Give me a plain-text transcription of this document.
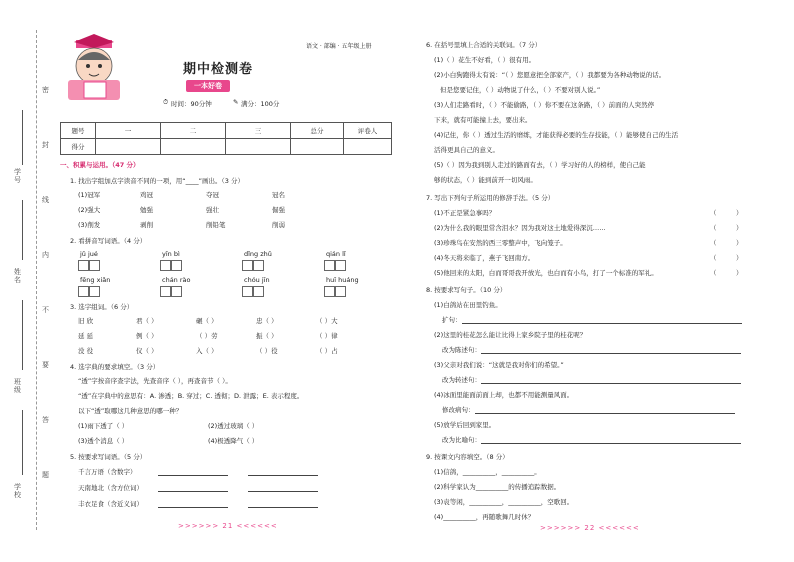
密
封
线
内
不
要
答
题
学号
姓名
班级
学校
语文 · 部编 · 五年级上册
期中检测卷
一本好卷
⏱ 时间：90分钟	✎ 满分：100分
题号	一	二	三	总分	评卷人
得分					
一、积累与运用。（47 分）
1. 找出字组加点字读音不同的一项，用“____”画出。（3 分）
(1)冠军	鸡冠	夺冠	冠名
(2)强大	勉强	强壮	倔强
(3)削发	剥削	削铅笔	削弱
2. 看拼音写词语。（4 分）
jǔ jué	yīn bì	dǐng zhǔ	qián lǐ
fēng xiǎn	chán rào	chóu jīn	huī huáng
3. 选字组词。（6 分）
旧 欣	君（ ）	碾（ ）	忠（ ）	（ ）大
延 延	例（ ）	（ ）劳	振（ ）	（ ）律
没 役	仪（ ）	入（ ）	（ ）役	（ ）占
4. 选字典的要求填空。（3 分）
“透”字按音序查字法，先查音序（ ），再查音节（ ）。
“透”在字典中的意思有：A. 渗透；B. 穿过；C. 透彻；D. 泄露；E. 表示程度。
以下“透”取哪这几种意思的哪一种？
(1)雨下透了（ ）	(2)透过玻璃（ ）
(3)透个消息（ ）	(4)极透降气（ ）
5. 按要求写词语。（5 分）
千言万语（含数字）
天南地北（含方位词）
丰衣足食（含近义词）
>>>>>> 21 <<<<<<
6. 在括号里填上合适的关联词。（7 分）
(1)（ ）花生不好看，（ ）很有用。
(2)小白狗跑得太有说：“（ ）您愿意把全部家产，（ ）我都要为各种动物说的话。
但是您要记住，（ ）动物说了什么，（ ）不要对别人说。”
(3)人们走路看时，（ ）不能偷路，（ ）你不要在这条路，（ ）前面的人突然停
下来，就有可能撞上去，要出来。
(4)记住，你（ ）透过生活的磨练，才能获得必要的生存技能，（ ）能够使自己的生活
活得更具自己的意义。
(5)（ ）因为我到别人走过的路面有去，（ ）学习好的人的榜样，使自己能
够的状态，（ ）能到前开一切风雨。
7. 写出下列句子所运用的修辞手法。（5 分）
(1)不正是紧急事吗？	（　　　）
(2)为什么我的眼里常含泪水？因为我对这土地爱得深沉……	（　　　）
(3)珍珠鸟在安然的西三零整声中，飞向笼子。	（　　　）
(4)冬天将来临了，燕子飞回南方。	（　　　）
(5)他回来的太阳，白而哥哥我开放光，也白而有小鸟，打了一个标准的军礼。	（　　　）
8. 按要求写句子。（10 分）
(1)白鸽站在田里钓鱼。
扩句：
(2)这里的桂花怎么能让比得上家乡院子里的桂花呢？
改为陈述句：
(3)父亲对我们说：“这就是我对你们的希望。”
改为转述句：
(4)冰面里能面前面上却，也都不用能测量风面。
修改病句：
(5)放学后回到家里。
改为比喻句：
9. 按课文内容填空。（8 分）
(1)信鸽，__________，__________。
(2)科学家认为__________的传播追踪数据。
(3)袁等闲，__________，__________，空歌回。
(4)__________，再随歌舞几时休？
>>>>>> 22 <<<<<<
